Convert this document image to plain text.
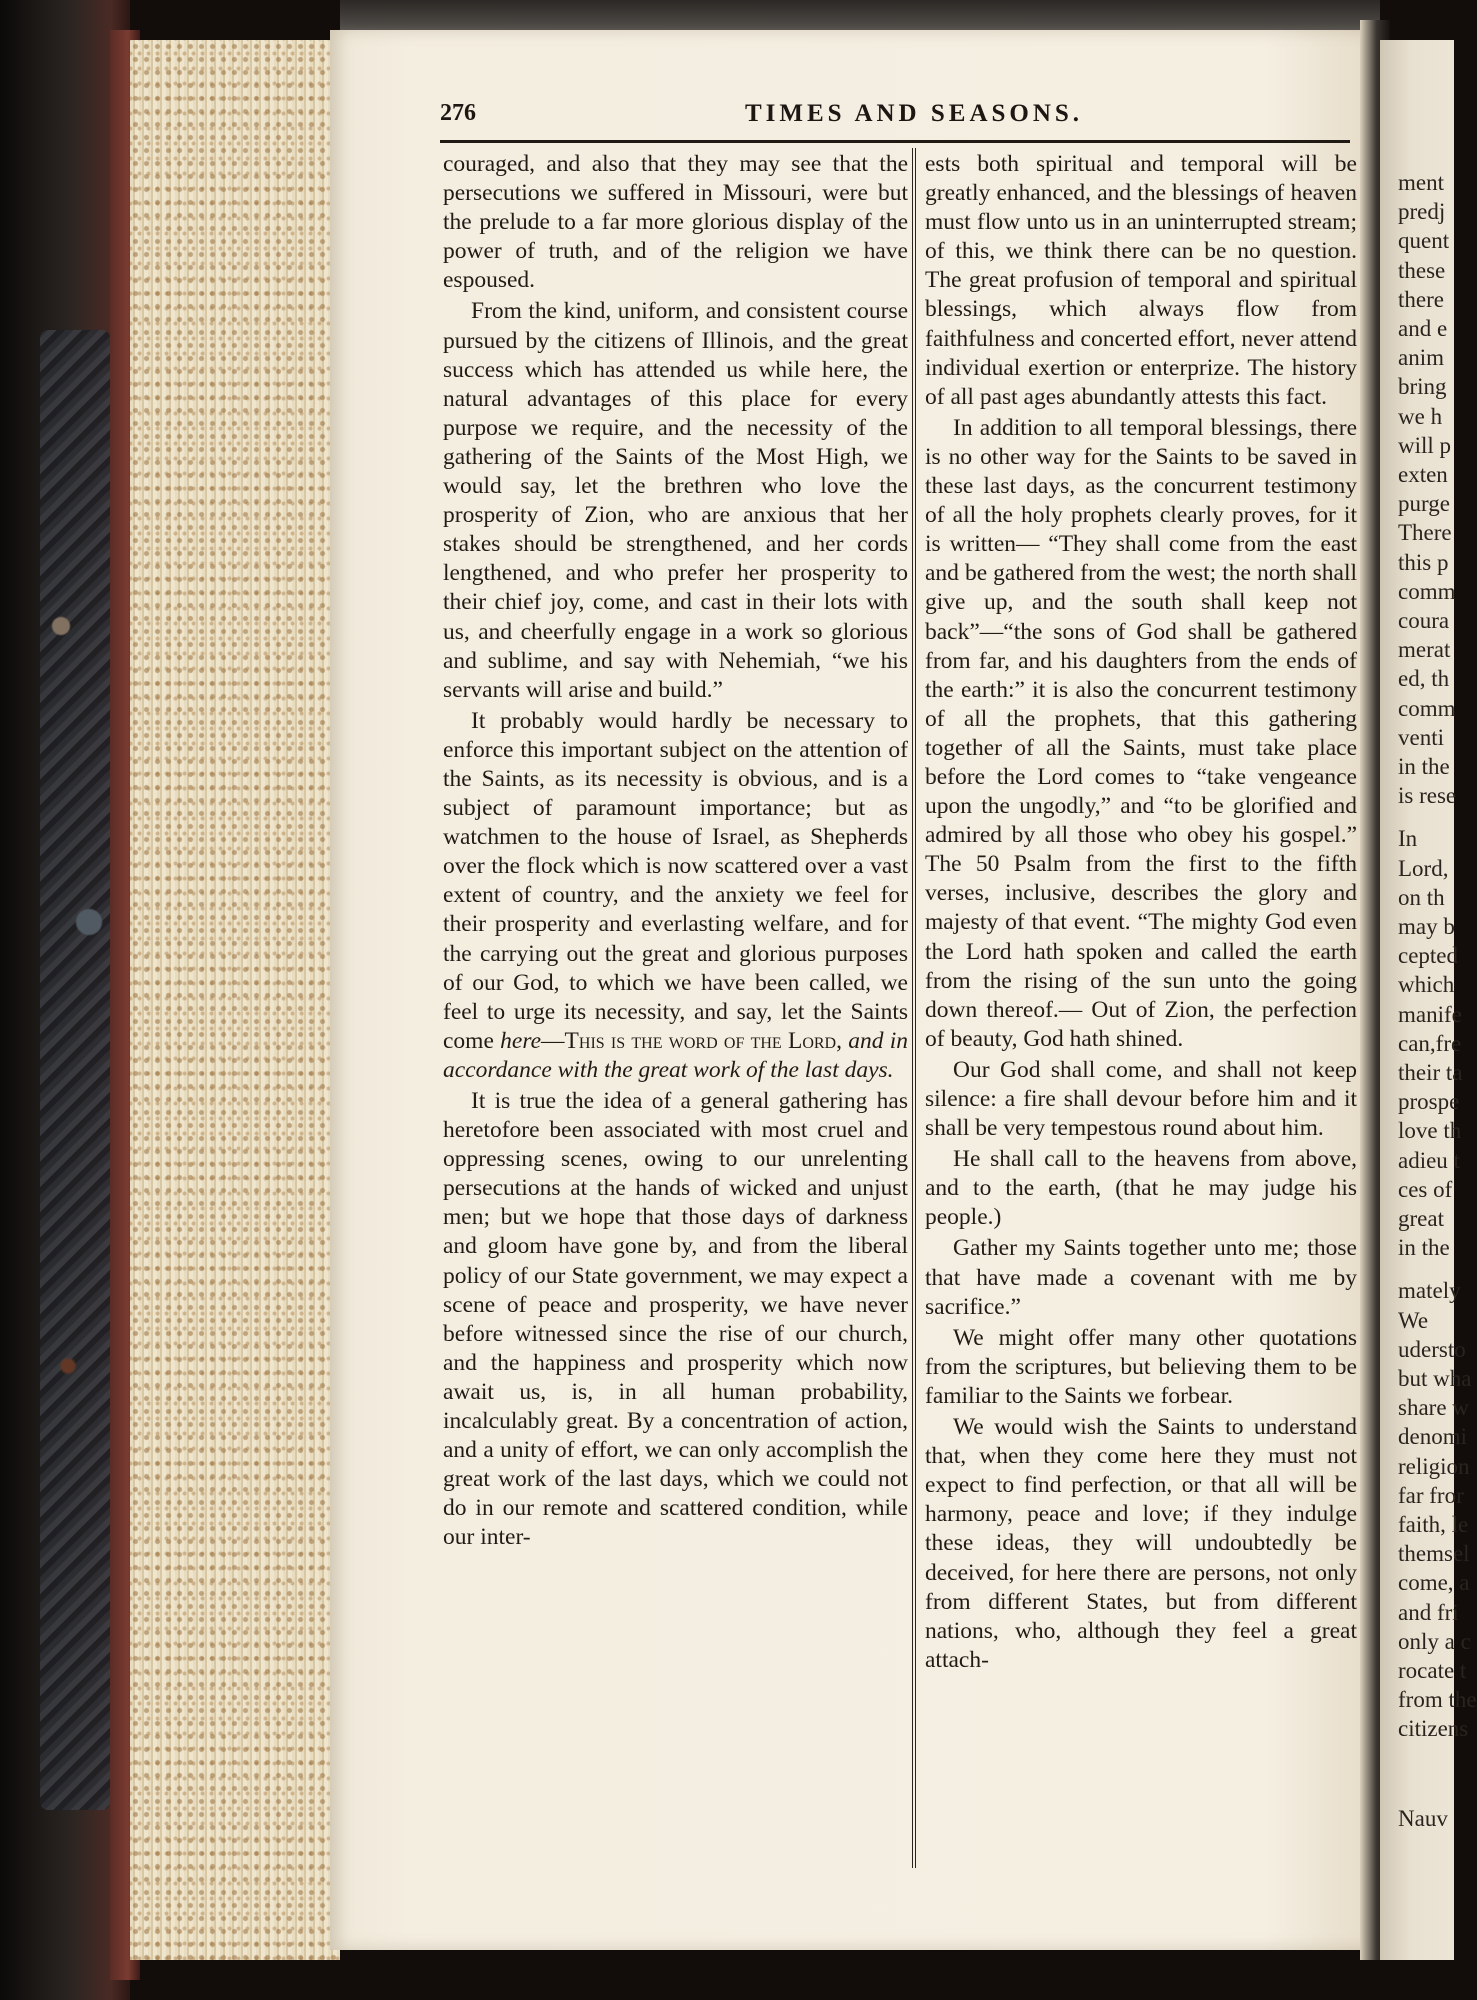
276	TIMES AND SEASONS.

couraged, and also that they may see that the persecutions we suffered in Missouri, were but the prelude to a far more glorious display of the power of truth, and of the religion we have espoused.

From the kind, uniform, and consistent course pursued by the citizens of Illinois, and the great success which has attended us while here, the natural advantages of this place for every purpose we require, and the necessity of the gathering of the Saints of the Most High, we would say, let the brethren who love the prosperity of Zion, who are anxious that her stakes should be strengthened, and her cords lengthened, and who prefer her prosperity to their chief joy, come, and cast in their lots with us, and cheerfully engage in a work so glorious and sublime, and say with Nehemiah, “we his servants will arise and build.”

It probably would hardly be necessary to enforce this important subject on the attention of the Saints, as its necessity is obvious, and is a subject of paramount importance; but as watchmen to the house of Israel, as Shepherds over the flock which is now scattered over a vast extent of country, and the anxiety we feel for their prosperity and everlasting welfare, and for the carrying out the great and glorious purposes of our God, to which we have been called, we feel to urge its necessity, and say, let the Saints come here—This is the word of the Lord, and in accordance with the great work of the last days.

It is true the idea of a general gathering has heretofore been associated with most cruel and oppressing scenes, owing to our unrelenting persecutions at the hands of wicked and unjust men; but we hope that those days of darkness and gloom have gone by, and from the liberal policy of our State government, we may expect a scene of peace and prosperity, we have never before witnessed since the rise of our church, and the happiness and prosperity which now await us, is, in all human probability, incalculably great. By a concentration of action, and a unity of effort, we can only accomplish the great work of the last days, which we could not do in our remote and scattered condition, while our inter-

ests both spiritual and temporal will be greatly enhanced, and the blessings of heaven must flow unto us in an uninterrupted stream; of this, we think there can be no question. The great profusion of temporal and spiritual blessings, which always flow from faithfulness and concerted effort, never attend individual exertion or enterprize. The history of all past ages abundantly attests this fact.

In addition to all temporal blessings, there is no other way for the Saints to be saved in these last days, as the concurrent testimony of all the holy prophets clearly proves, for it is written— “They shall come from the east and be gathered from the west; the north shall give up, and the south shall keep not back”—“the sons of God shall be gathered from far, and his daughters from the ends of the earth:” it is also the concurrent testimony of all the prophets, that this gathering together of all the Saints, must take place before the Lord comes to “take vengeance upon the ungodly,” and “to be glorified and admired by all those who obey his gospel.” The 50 Psalm from the first to the fifth verses, inclusive, describes the glory and majesty of that event. “The mighty God even the Lord hath spoken and called the earth from the rising of the sun unto the going down thereof.— Out of Zion, the perfection of beauty, God hath shined.

Our God shall come, and shall not keep silence: a fire shall devour before him and it shall be very tempestous round about him.

He shall call to the heavens from above, and to the earth, (that he may judge his people.)

Gather my Saints together unto me; those that have made a covenant with me by sacrifice.”

We might offer many other quotations from the scriptures, but believing them to be familiar to the Saints we forbear.

We would wish the Saints to understand that, when they come here they must not expect to find perfection, or that all will be harmony, peace and love; if they indulge these ideas, they will undoubtedly be deceived, for here there are persons, not only from different States, but from different nations, who, although they feel a great attach-

ment
predj
quent
these
there
and e
anim
bring
we h
will p
exten
purge
There
this p
comm
coura
merat
ed, th
comm
venti
in the
is rese
In
Lord,
on th
may b
cepted
which
manife
can,fre
their ta
prospe
love th
adieu t
ces of
great
in the
mately
We
uderstο
but wha
share w
denomi
religion
far fror
faith, le
themsel
come, a
and fri
only a c
rocate t
from the
citizens
Nauv
